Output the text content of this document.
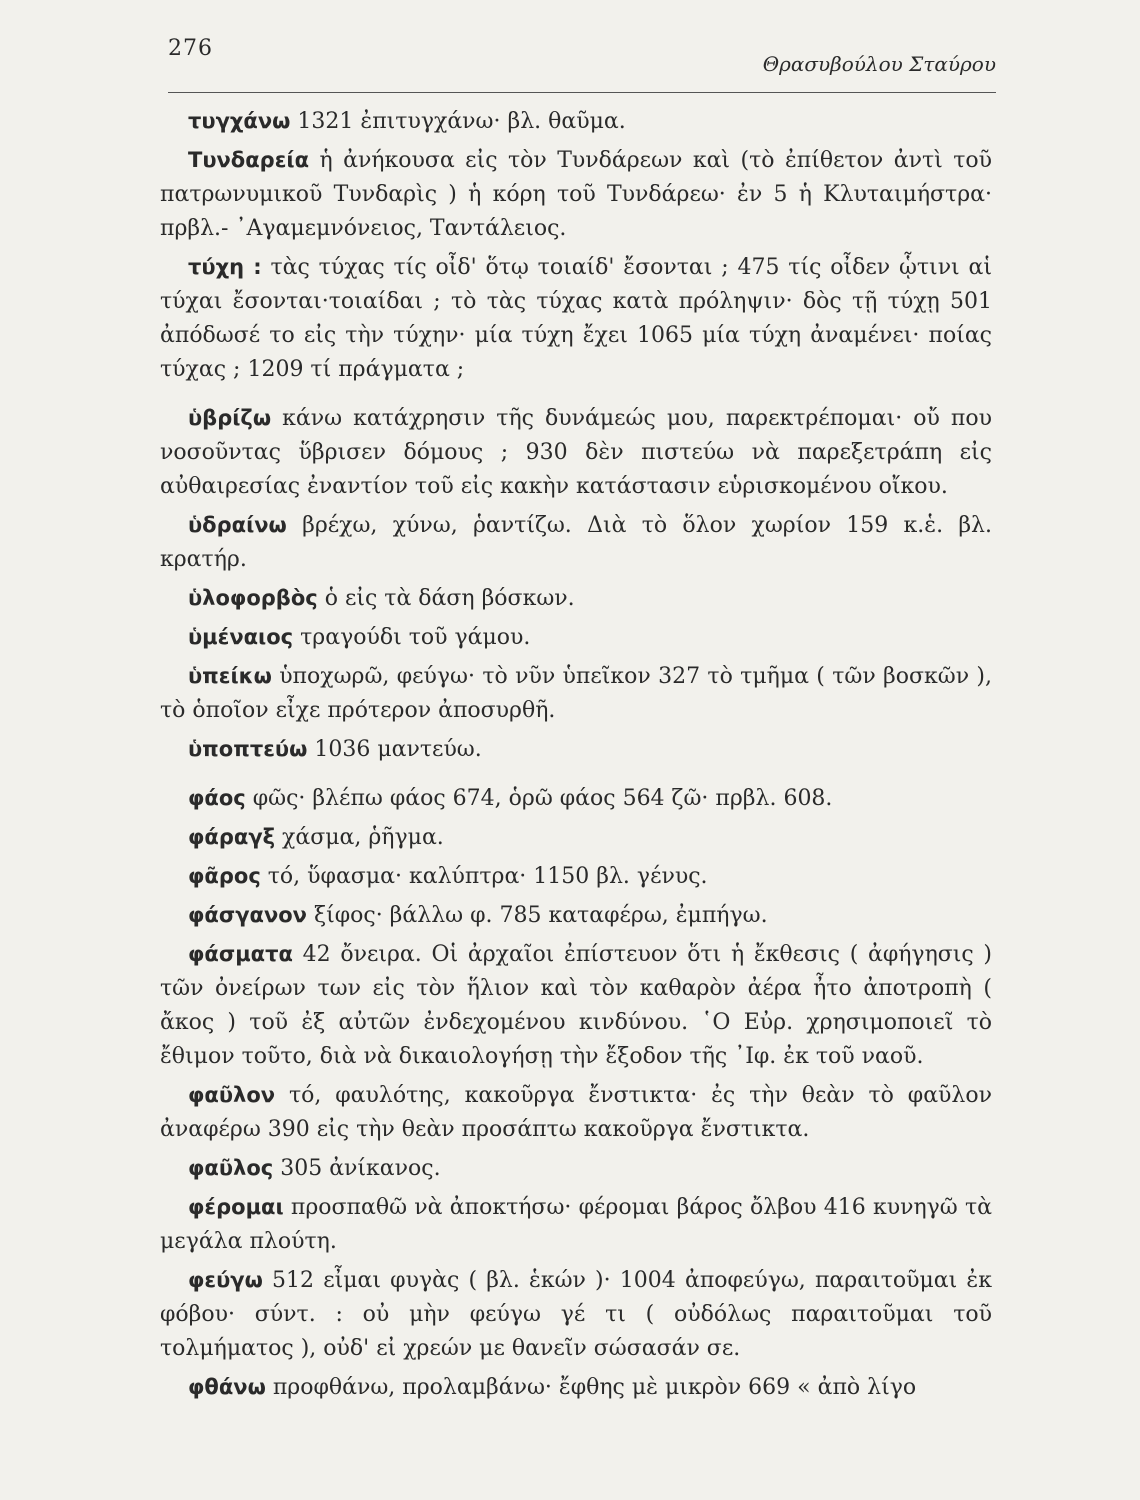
276
Θρασυβούλου Σταύρου

τυγχάνω 1321 ἐπιτυγχάνω· βλ. θαῦμα.

Τυνδαρεία ἡ ἀνήκουσα εἰς τὸν Τυνδάρεων καὶ (τὸ ἐπίθετον ἀντὶ τοῦ πατρωνυμικοῦ Τυνδαρὶς ) ἡ κόρη τοῦ Τυνδάρεω· ἐν 5 ἡ Κλυταιμήστρα· πρβλ.- ᾿Αγαμεμνόνειος, Ταντάλειος.

τύχη : τὰς τύχας τίς οἶδ' ὅτῳ τοιαίδ' ἔσονται ; 475 τίς οἶδεν ᾧτινι αἱ τύχαι ἔσονται·τοιαίδαι ; τὸ τὰς τύχας κατὰ πρόληψιν· δὸς τῇ τύχῃ 501 ἀπόδωσέ το εἰς τὴν τύχην· μία τύχη ἔχει 1065 μία τύχη ἀναμένει· ποίας τύχας ; 1209 τί πράγματα ;

ὑβρίζω κάνω κατάχρησιν τῆς δυνάμεώς μου, παρεκτρέπομαι· οὔ που νοσοῦντας ὕβρισεν δόμους ; 930 δὲν πιστεύω νὰ παρεξετράπη εἰς αὐθαιρεσίας ἐναντίον τοῦ εἰς κακὴν κατάστασιν εὑρισκομένου οἴκου.

ὑδραίνω βρέχω, χύνω, ῥαντίζω. Διὰ τὸ ὅλον χωρίον 159 κ.ἑ. βλ. κρατήρ.

ὑλοφορβὸς ὁ εἰς τὰ δάση βόσκων.

ὑμέναιος τραγούδι τοῦ γάμου.

ὑπείκω ὑποχωρῶ, φεύγω· τὸ νῦν ὑπεῖκον 327 τὸ τμῆμα ( τῶν βοσκῶν ), τὸ ὁποῖον εἶχε πρότερον ἀποσυρθῆ.

ὑποπτεύω 1036 μαντεύω.

φάος φῶς· βλέπω φάος 674, ὁρῶ φάος 564 ζῶ· πρβλ. 608.

φάραγξ χάσμα, ῥῆγμα.

φᾶρος τό, ὕφασμα· καλύπτρα· 1150 βλ. γένυς.

φάσγανον ξίφος· βάλλω φ. 785 καταφέρω, ἐμπήγω.

φάσματα 42 ὄνειρα. Οἱ ἀρχαῖοι ἐπίστευον ὅτι ἡ ἔκθεσις ( ἀφήγησις ) τῶν ὀνείρων των εἰς τὸν ἥλιον καὶ τὸν καθαρὸν ἀέρα ἦτο ἀποτροπὴ ( ἄκος ) τοῦ ἐξ αὐτῶν ἐνδεχομένου κινδύνου. ῾Ο Εὐρ. χρησιμοποιεῖ τὸ ἔθιμον τοῦτο, διὰ νὰ δικαιολογήσῃ τὴν ἔξοδον τῆς ᾿Ιφ. ἐκ τοῦ ναοῦ.

φαῦλον τό, φαυλότης, κακοῦργα ἔνστικτα· ἐς τὴν θεὰν τὸ φαῦλον ἀναφέρω 390 εἰς τὴν θεὰν προσάπτω κακοῦργα ἔνστικτα.

φαῦλος 305 ἀνίκανος.

φέρομαι προσπαθῶ νὰ ἀποκτήσω· φέρομαι βάρος ὄλβου 416 κυνηγῶ τὰ μεγάλα πλούτη.

φεύγω 512 εἶμαι φυγὰς ( βλ. ἑκών )· 1004 ἀποφεύγω, παραιτοῦμαι ἐκ φόβου· σύντ. : οὐ μὴν φεύγω γέ τι ( οὐδόλως παραιτοῦμαι τοῦ τολμήματος ), οὐδ' εἰ χρεών με θανεῖν σώσασάν σε.

φθάνω προφθάνω, προλαμβάνω· ἔφθης μὲ μικρὸν 669 « ἀπὸ λίγο
